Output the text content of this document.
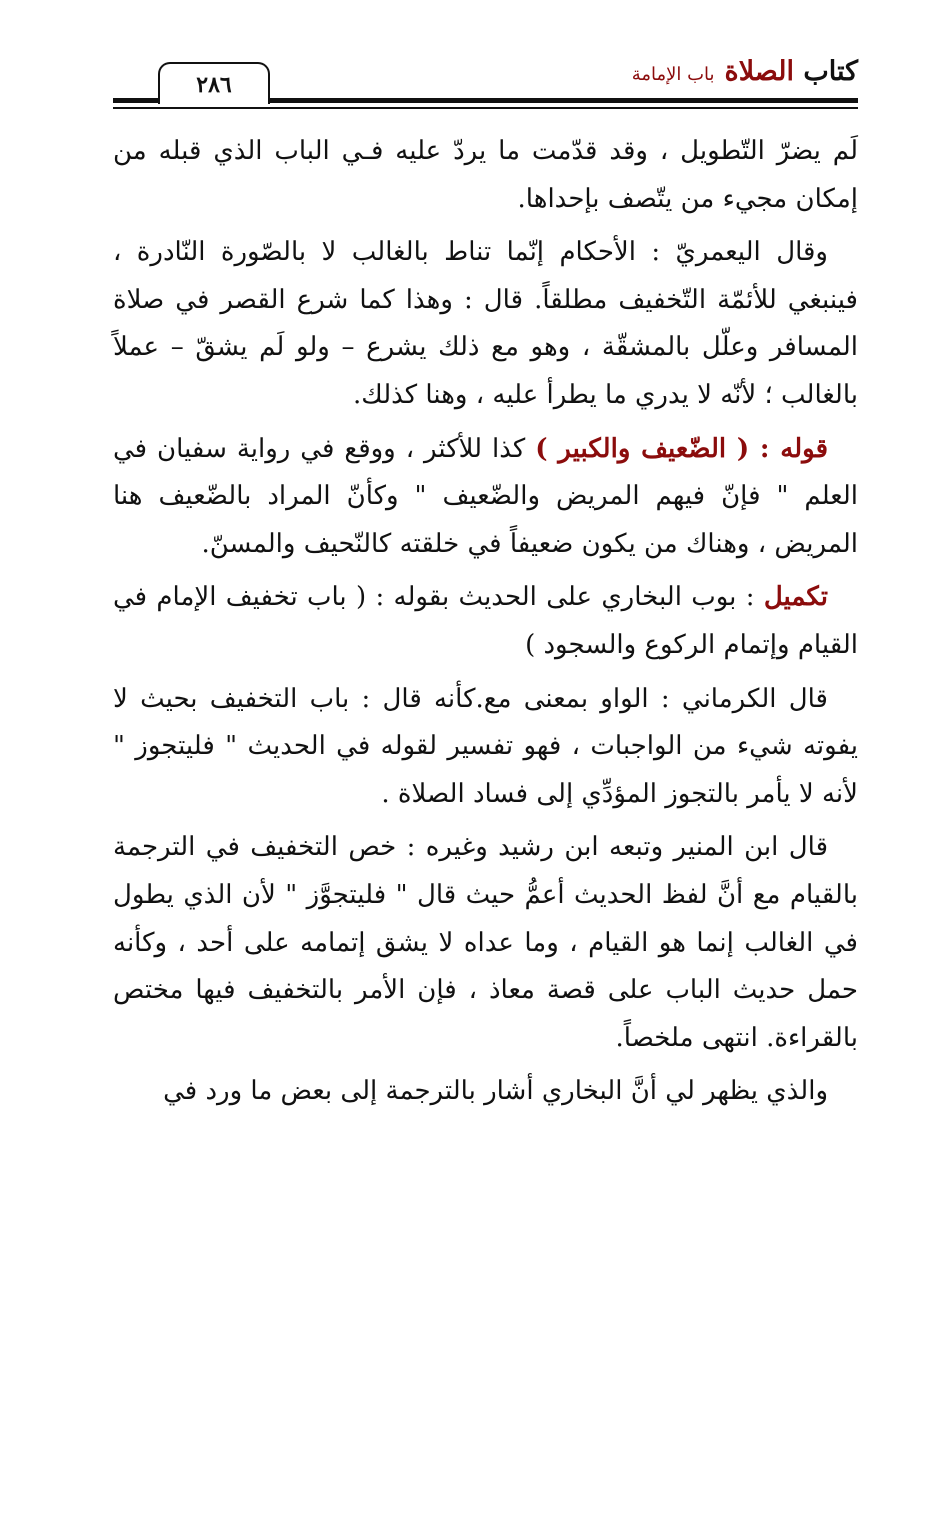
كتاب الصلاة
باب الإمامة
٢٨٦

لَم يضرّ التّطويل ، وقد قدّمت ما يردّ عليه فـي الباب الذي قبله من إمكان مجيء من يتّصف بإحداها.

وقال اليعمريّ : الأحكام إنّما تناط بالغالب لا بالصّورة النّادرة ، فينبغي للأئمّة التّخفيف مطلقاً. قال : وهذا كما شرع القصر في صلاة المسافر وعلّل بالمشقّة ، وهو مع ذلك يشرع – ولو لَم يشقّ – عملاً بالغالب ؛ لأنّه لا يدري ما يطرأ عليه ، وهنا كذلك.

قوله : ( الضّعيف والكبير ) كذا للأكثر ، ووقع في رواية سفيان في العلم " فإنّ فيهم المريض والضّعيف " وكأنّ المراد بالضّعيف هنا المريض ، وهناك من يكون ضعيفاً في خلقته كالنّحيف والمسنّ.

تكميل : بوب البخاري على الحديث بقوله : ( باب تخفيف الإمام في القيام وإتمام الركوع والسجود )

قال الكرماني : الواو بمعنى مع.كأنه قال : باب التخفيف بحيث لا يفوته شيء من الواجبات ، فهو تفسير لقوله في الحديث " فليتجوز " لأنه لا يأمر بالتجوز المؤدِّي إلى فساد الصلاة .

قال ابن المنير وتبعه ابن رشيد وغيره : خص التخفيف في الترجمة بالقيام مع أنَّ لفظ الحديث أعمُّ حيث قال " فليتجوَّز " لأن الذي يطول في الغالب إنما هو القيام ، وما عداه لا يشق إتمامه على أحد ، وكأنه حمل حديث الباب على قصة معاذ ، فإن الأمر بالتخفيف فيها مختص بالقراءة. انتهى ملخصاً.

والذي يظهر لي أنَّ البخاري أشار بالترجمة إلى بعض ما ورد في
